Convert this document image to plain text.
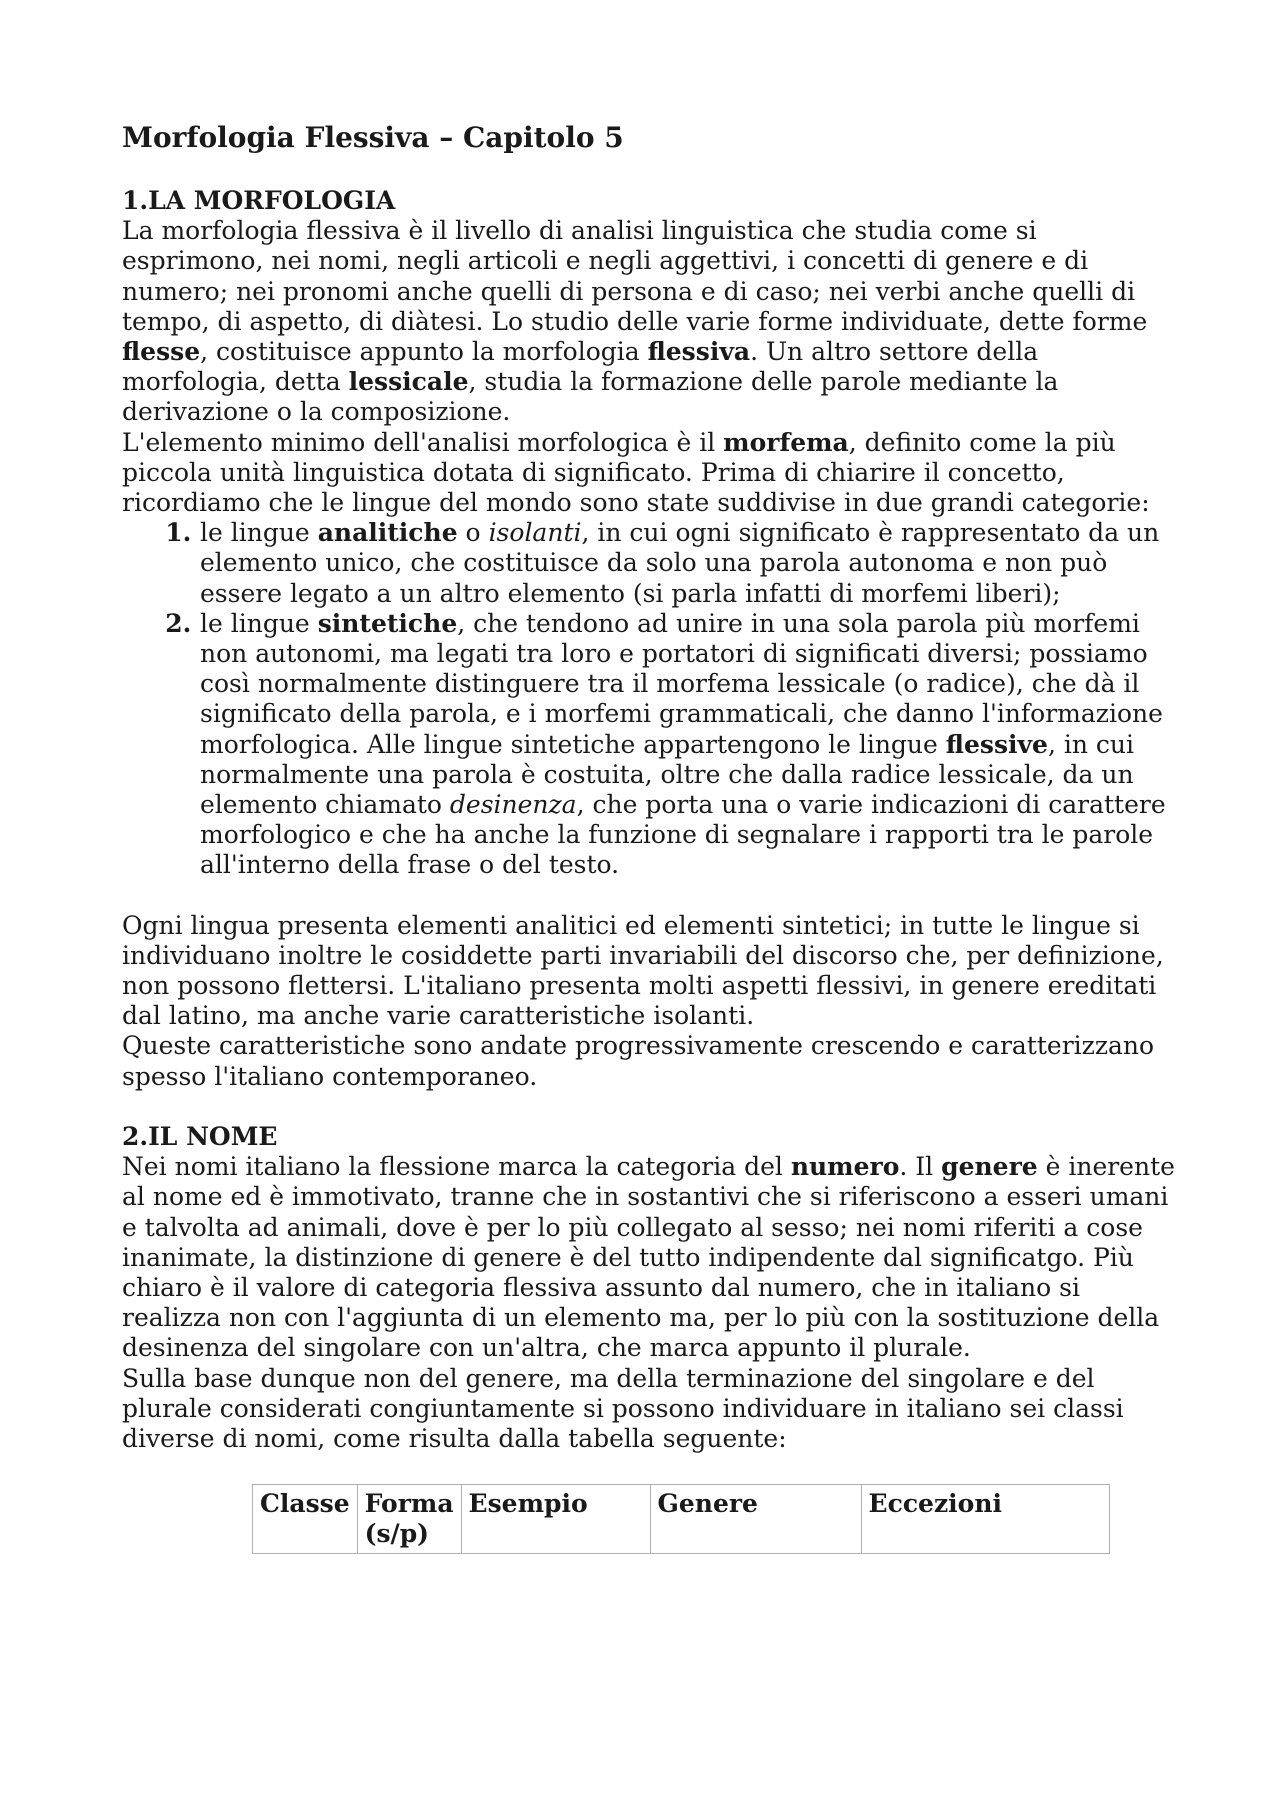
Morfologia Flessiva – Capitolo 5
1.LA MORFOLOGIA

La morfologia flessiva è il livello di analisi linguistica che studia come si esprimono, nei nomi, negli articoli e negli aggettivi, i concetti di genere e di numero; nei pronomi anche quelli di persona e di caso; nei verbi anche quelli di tempo, di aspetto, di diàtesi. Lo studio delle varie forme individuate, dette forme flesse, costituisce appunto la morfologia flessiva. Un altro settore della morfologia, detta lessicale, studia la formazione delle parole mediante la derivazione o la composizione.

L'elemento minimo dell'analisi morfologica è il morfema, definito come la più piccola unità linguistica dotata di significato. Prima di chiarire il concetto, ricordiamo che le lingue del mondo sono state suddivise in due grandi categorie:

1. le lingue analitiche o isolanti, in cui ogni significato è rappresentato da un elemento unico, che costituisce da solo una parola autonoma e non può essere legato a un altro elemento (si parla infatti di morfemi liberi);
2. le lingue sintetiche, che tendono ad unire in una sola parola più morfemi non autonomi, ma legati tra loro e portatori di significati diversi; possiamo così normalmente distinguere tra il morfema lessicale (o radice), che dà il significato della parola, e i morfemi grammaticali, che danno l'informazione morfologica. Alle lingue sintetiche appartengono le lingue flessive, in cui normalmente una parola è costuita, oltre che dalla radice lessicale, da un elemento chiamato desinenza, che porta una o varie indicazioni di carattere morfologico e che ha anche la funzione di segnalare i rapporti tra le parole all'interno della frase o del testo.

Ogni lingua presenta elementi analitici ed elementi sintetici; in tutte le lingue si individuano inoltre le cosiddette parti invariabili del discorso che, per definizione, non possono flettersi. L'italiano presenta molti aspetti flessivi, in genere ereditati dal latino, ma anche varie caratteristiche isolanti.

Queste caratteristiche sono andate progressivamente crescendo e caratterizzano spesso l'italiano contemporaneo.

2.IL NOME

Nei nomi italiano la flessione marca la categoria del numero. Il genere è inerente al nome ed è immotivato, tranne che in sostantivi che si riferiscono a esseri umani e talvolta ad animali, dove è per lo più collegato al sesso; nei nomi riferiti a cose inanimate, la distinzione di genere è del tutto indipendente dal significatgo. Più chiaro è il valore di categoria flessiva assunto dal numero, che in italiano si realizza non con l'aggiunta di un elemento ma, per lo più con la sostituzione della desinenza del singolare con un'altra, che marca appunto il plurale.

Sulla base dunque non del genere, ma della terminazione del singolare e del plurale considerati congiuntamente si possono individuare in italiano sei classi diverse di nomi, come risulta dalla tabella seguente:

Classe	Forma (s/p)	Esempio	Genere	Eccezioni
